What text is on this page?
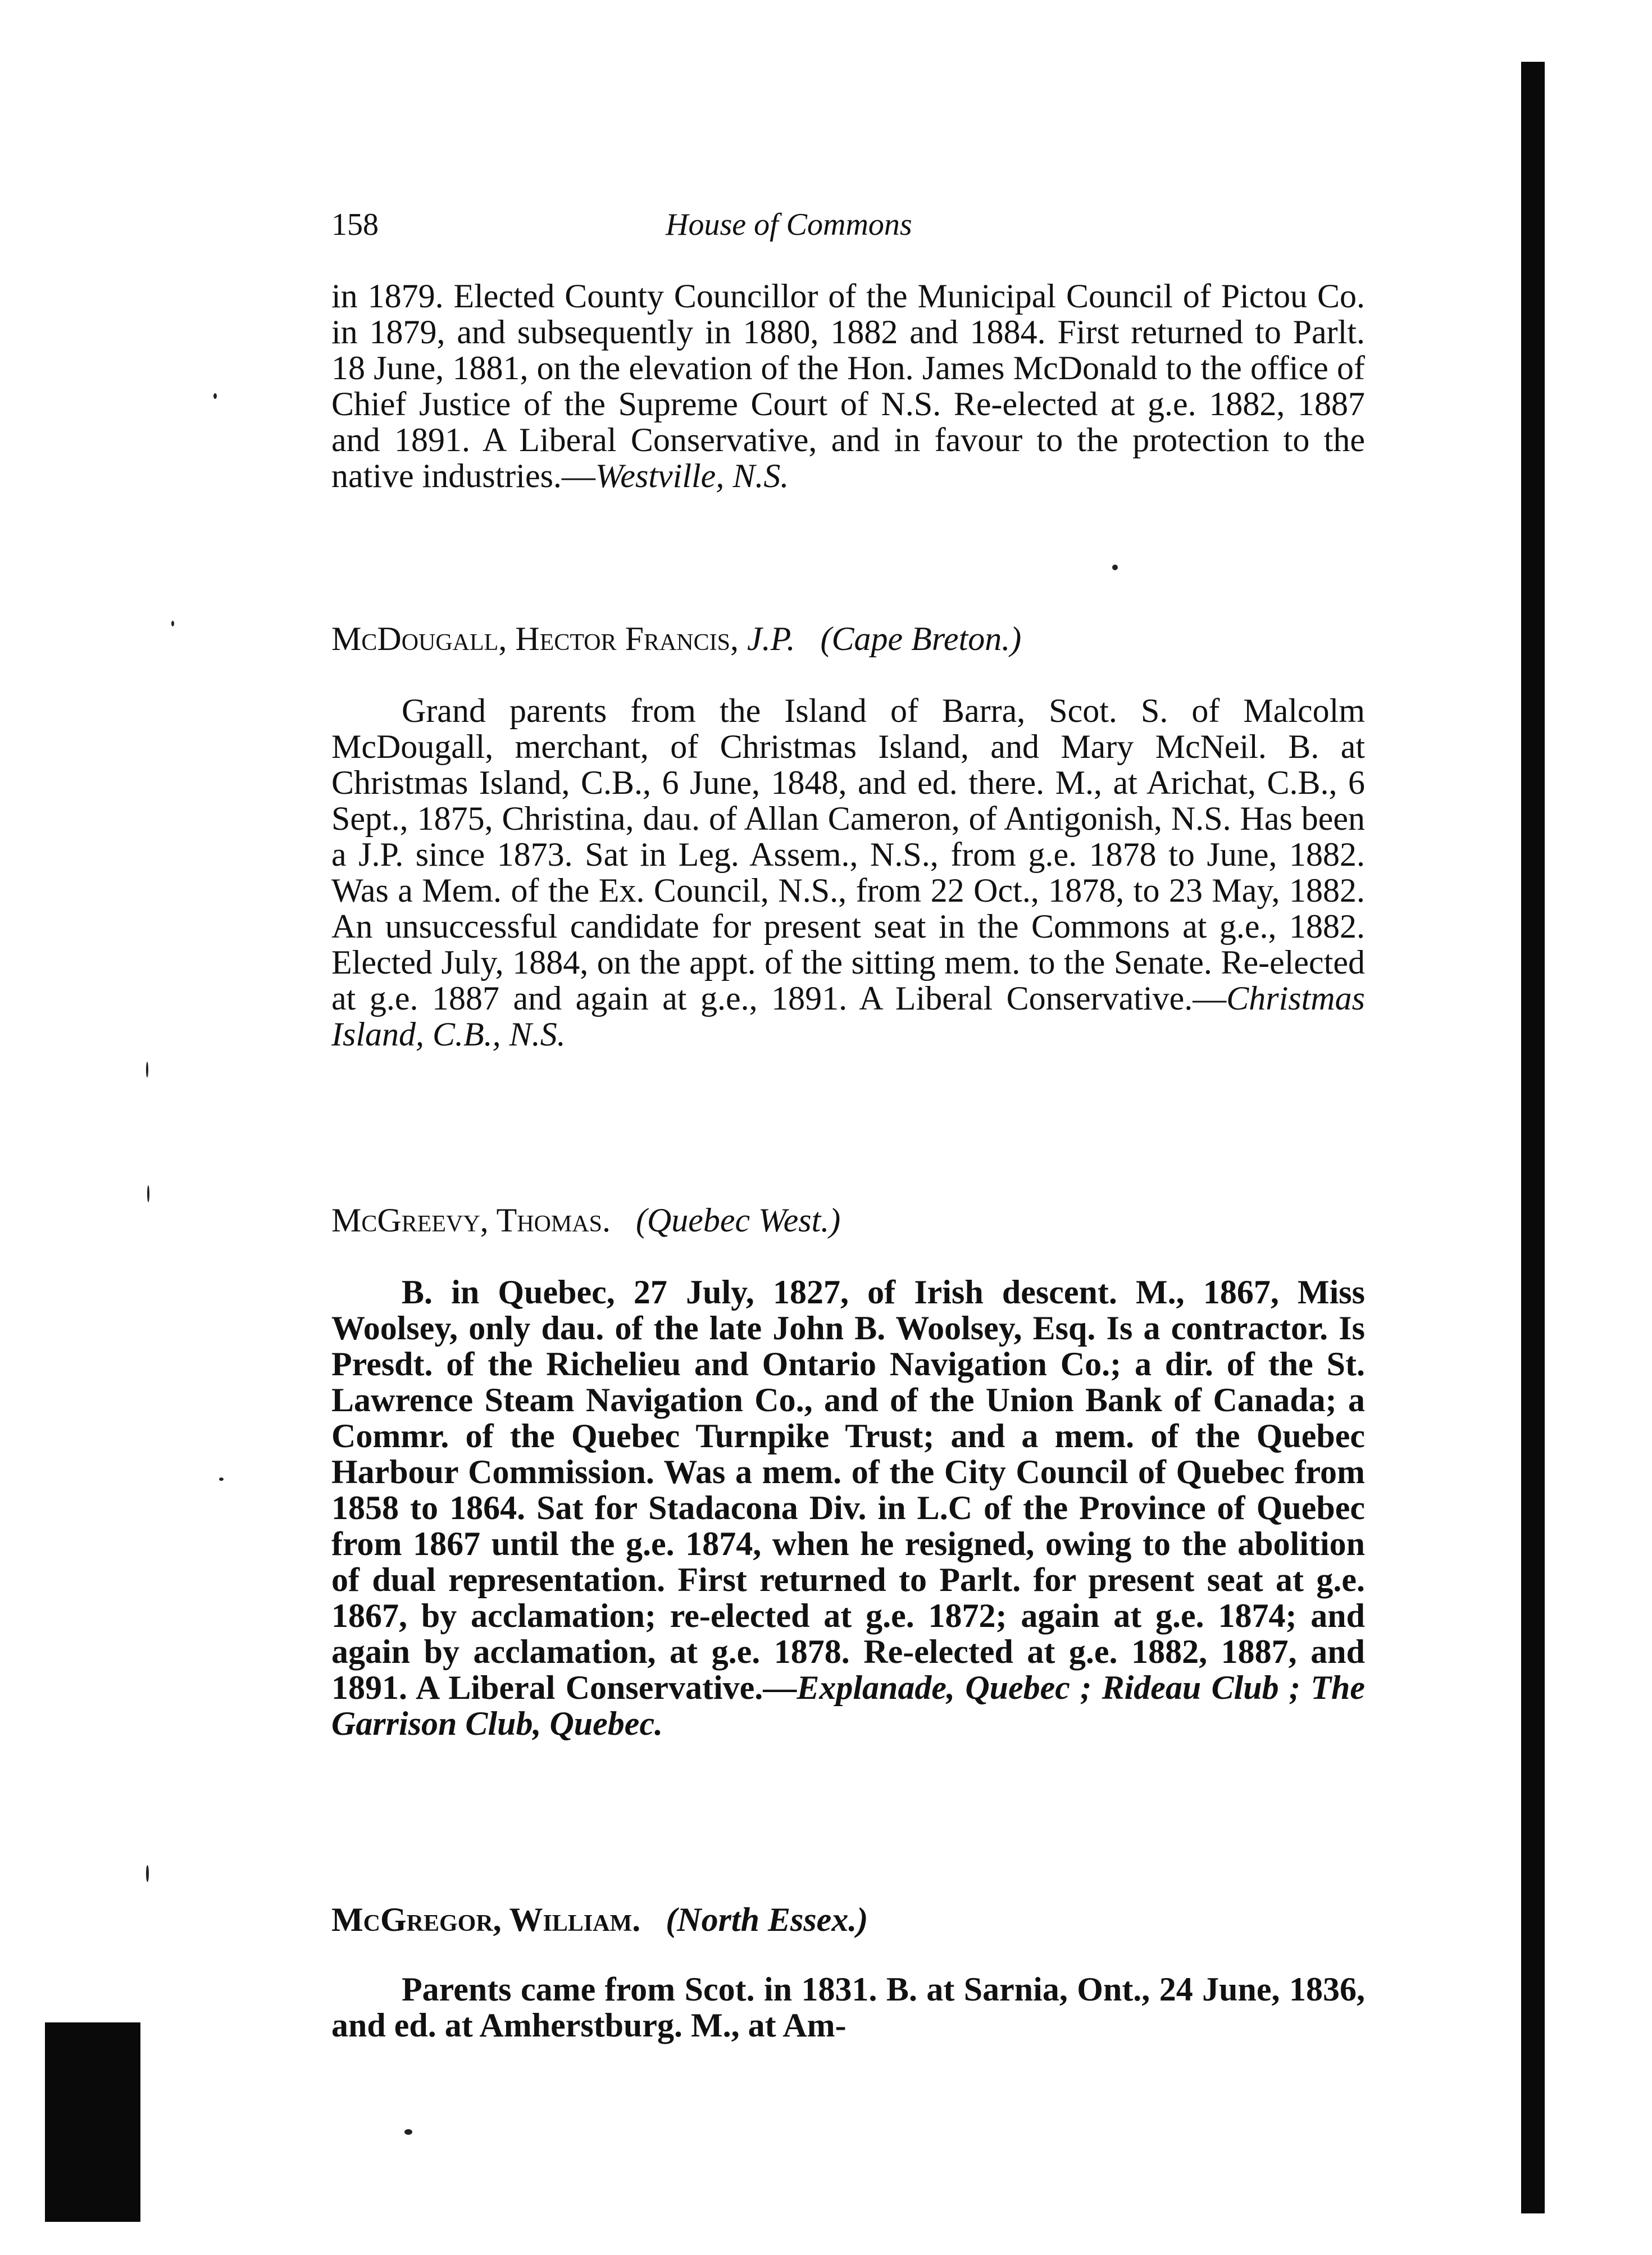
158	House of Commons

in 1879. Elected County Councillor of the Municipal Council of Pictou Co. in 1879, and subsequently in 1880, 1882 and 1884. First returned to Parlt. 18 June, 1881, on the elevation of the Hon. James McDonald to the office of Chief Justice of the Supreme Court of N.S. Re-elected at g.e. 1882, 1887 and 1891. A Liberal Conservative, and in favour to the protection to the native industries.—Westville, N.S.

McDougall, Hector Francis, J.P. (Cape Breton.)

Grand parents from the Island of Barra, Scot. S. of Malcolm McDougall, merchant, of Christmas Island, and Mary McNeil. B. at Christmas Island, C.B., 6 June, 1848, and ed. there. M., at Arichat, C.B., 6 Sept., 1875, Christina, dau. of Allan Cameron, of Antigonish, N.S. Has been a J.P. since 1873. Sat in Leg. Assem., N.S., from g.e. 1878 to June, 1882. Was a Mem. of the Ex. Council, N.S., from 22 Oct., 1878, to 23 May, 1882. An unsuccessful candidate for present seat in the Commons at g.e., 1882. Elected July, 1884, on the appt. of the sitting mem. to the Senate. Re-elected at g.e. 1887 and again at g.e., 1891. A Liberal Conservative.—Christmas Island, C.B., N.S.

McGreevy, Thomas. (Quebec West.)

B. in Quebec, 27 July, 1827, of Irish descent. M., 1867, Miss Woolsey, only dau. of the late John B. Woolsey, Esq. Is a contractor. Is Presdt. of the Richelieu and Ontario Navigation Co.; a dir. of the St. Lawrence Steam Navigation Co., and of the Union Bank of Canada; a Commr. of the Quebec Turnpike Trust; and a mem. of the Quebec Harbour Commission. Was a mem. of the City Council of Quebec from 1858 to 1864. Sat for Stadacona Div. in L.C of the Province of Quebec from 1867 until the g.e. 1874, when he resigned, owing to the abolition of dual representation. First returned to Parlt. for present seat at g.e. 1867, by acclamation; re-elected at g.e. 1872; again at g.e. 1874; and again by acclamation, at g.e. 1878. Re-elected at g.e. 1882, 1887, and 1891. A Liberal Conservative.—Explanade, Quebec ; Rideau Club ; The Garrison Club, Quebec.

McGregor, William. (North Essex.)

Parents came from Scot. in 1831. B. at Sarnia, Ont., 24 June, 1836, and ed. at Amherstburg. M., at Am-
